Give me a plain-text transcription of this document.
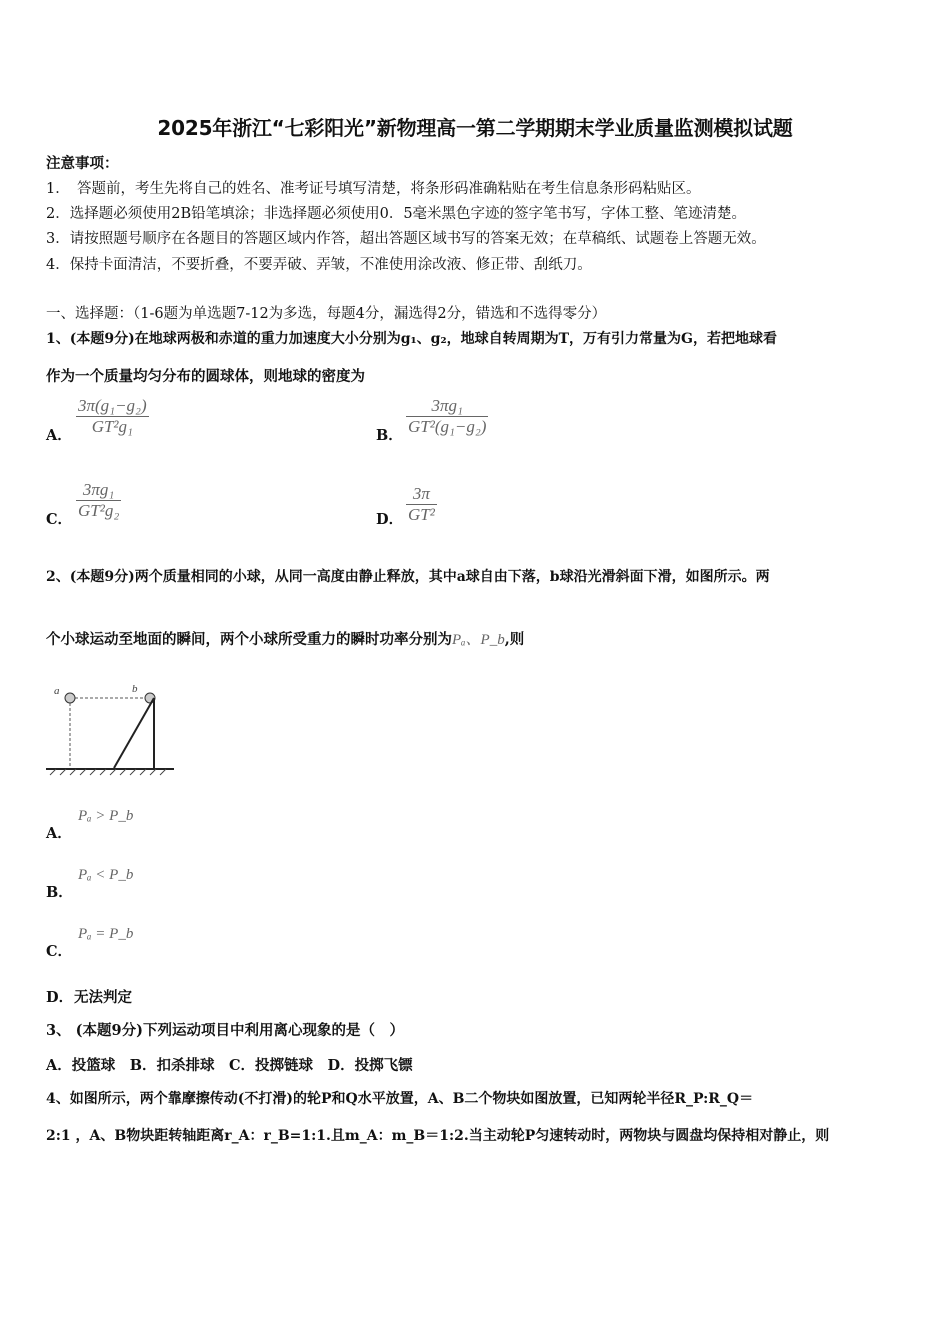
2025年浙江“七彩阳光”新物理高一第二学期期末学业质量监测模拟试题
注意事项：
1．　答题前，考生先将自己的姓名、准考证号填写清楚，将条形码准确粘贴在考生信息条形码粘贴区。
2．选择题必须使用2B铅笔填涂；非选择题必须使用0．5毫米黑色字迹的签字笔书写，字体工整、笔迹清楚。
3．请按照题号顺序在各题目的答题区域内作答，超出答题区域书写的答案无效；在草稿纸、试题卷上答题无效。
4．保持卡面清洁，不要折叠，不要弄破、弄皱，不准使用涂改液、修正带、刮纸刀。
一、选择题：（1-6题为单选题7-12为多选，每题4分，漏选得2分，错选和不选得零分）
1、(本题9分)在地球两极和赤道的重力加速度大小分别为g₁、g₂，地球自转周期为T，万有引力常量为G，若把地球看
作为一个质量均匀分布的圆球体，则地球的密度为
A． $\frac{\text{3π(g₁−g₂)}}{\text{GT²g₁}}$	B． $\frac{\text{3πg₁}}{\text{GT²(g₁−g₂)}}$
C． $\frac{\text{3πg₁}}{\text{GT²g₂}}$	D． $\frac{3\pi}{\text{GT²}}$
2、(本题9分)两个质量相同的小球，从同一高度由静止释放，其中a球自由下落，b球沿光滑斜面下滑，如图所示。两
个小球运动至地面的瞬间，两个小球所受重力的瞬时功率分别为Pₐ、P_b,则
a	b
A．
Pₐ > P_b
B．
Pₐ < P_b
C．
Pₐ = P_b
D． 无法判定
3、 (本题9分)下列运动项目中利用离心现象的是（　）
A．投篮球　B．扣杀排球　C．投掷链球　D．投掷飞镖
4、如图所示，两个靠摩擦传动(不打滑)的轮P和Q水平放置，A、B二个物块如图放置，已知两轮半径R_P:R_Q＝
2:1 ，A、B物块距转轴距离r_A：r_B=1:1.且m_A：m_B＝1:2.当主动轮P匀速转动时，两物块与圆盘均保持相对静止，则
